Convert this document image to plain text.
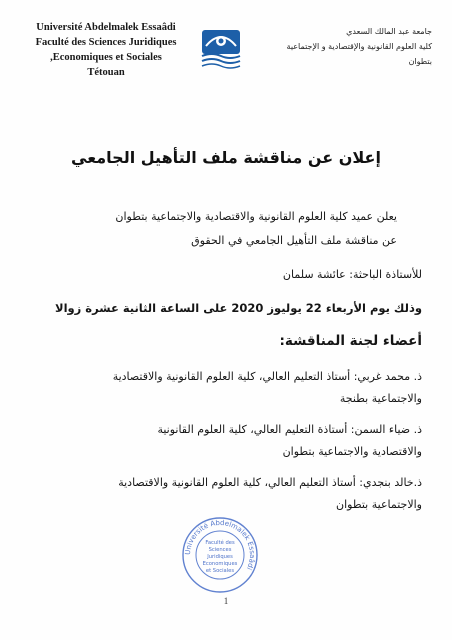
Université Abdelmalek Essaâdi
Faculté des Sciences Juridiques
,Economiques et Sociales
Tétouan
جامعة عبد المالك السعدي
كلية العلوم القانونية والإقتصادية و الإجتماعية
بتطوان
إعلان عن مناقشة ملف التأهيل الجامعي
يعلن عميد كلية العلوم القانونية والاقتصادية والاجتماعية بتطوان
عن مناقشة ملف التأهيل الجامعي في الحقوق
للأستاذة الباحثة: عائشة سلمان
وذلك يوم الأربعاء 22 يوليوز 2020 على الساعة الثانية عشرة زوالا
أعضاء لجنة المناقشة:
ذ. محمد غربي: أستاذ التعليم العالي، كلية العلوم القانونية والاقتصادية
والاجتماعية بطنجة
ذ. ضياء السمن: أستاذة التعليم العالي، كلية العلوم القانونية
والاقتصادية والاجتماعية بتطوان
ذ.خالد بنجدي: أستاذ التعليم العالي، كلية العلوم القانونية والاقتصادية
والاجتماعية بتطوان
Université Abdelmalek Essaâdi
Faculté des
Sciences
Juridiques
Economiques
et Sociales
1
